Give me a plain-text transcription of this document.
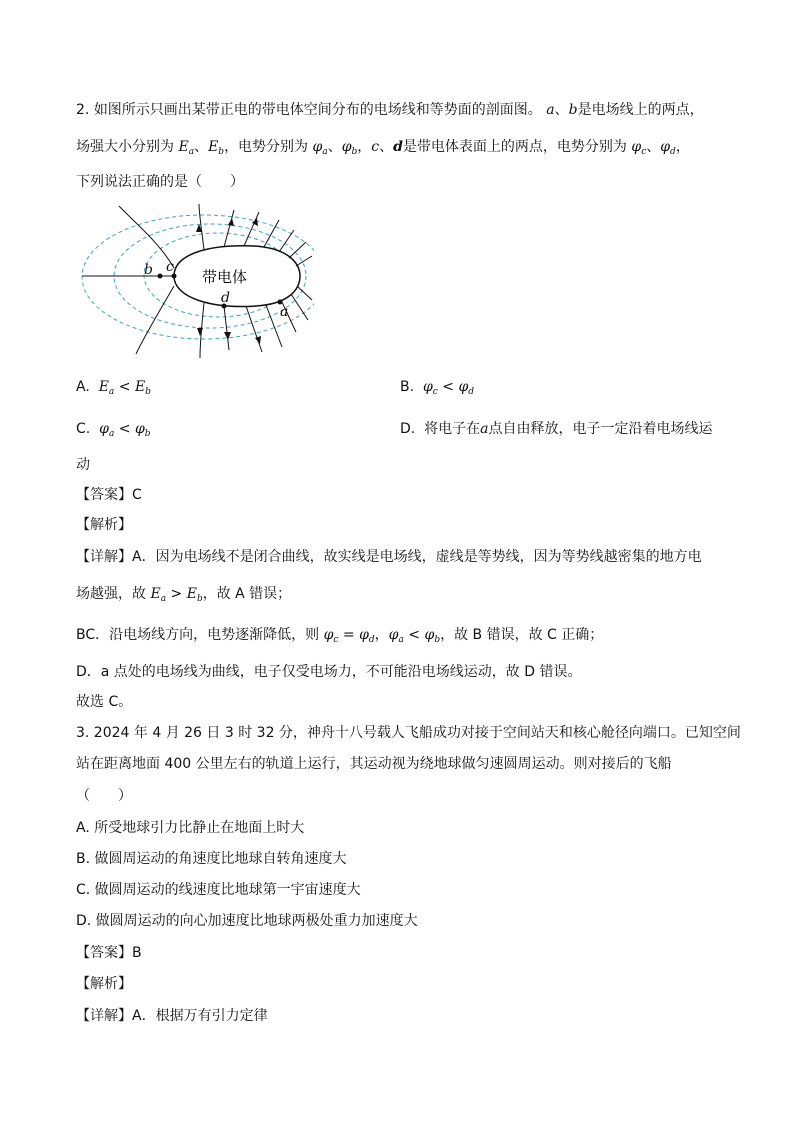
2. 如图所示只画出某带正电的带电体空间分布的电场线和等势面的剖面图。 a、b是电场线上的两点，
场强大小分别为 $E_a$、$E_b$，电势分别为 $\varphi_a$、$\varphi_b$，c、d是带电体表面上的两点，电势分别为 $\varphi_c$、$\varphi_d$，
下列说法正确的是（　　）
带电体
b c
d
a
A. $E_a < E_b$	B. $\varphi_c < \varphi_d$
C. $\varphi_a < \varphi_b$	D. 将电子在a点自由释放，电子一定沿着电场线运
动
【答案】C
【解析】
【详解】A．因为电场线不是闭合曲线，故实线是电场线，虚线是等势线，因为等势线越密集的地方电
场越强，故 $E_a > E_b$，故 A 错误；
BC．沿电场线方向，电势逐渐降低，则 $\varphi_c = \varphi_d$，$\varphi_a < \varphi_b$，故 B 错误，故 C 正确；
D．a 点处的电场线为曲线，电子仅受电场力，不可能沿电场线运动，故 D 错误。
故选 C。
3. 2024 年 4 月 26 日 3 时 32 分，神舟十八号载人飞船成功对接于空间站天和核心舱径向端口。已知空间
站在距离地面 400 公里左右的轨道上运行，其运动视为绕地球做匀速圆周运动。则对接后的飞船
（　　）
A. 所受地球引力比静止在地面上时大
B. 做圆周运动的角速度比地球自转角速度大
C. 做圆周运动的线速度比地球第一宇宙速度大
D. 做圆周运动的向心加速度比地球两极处重力加速度大
【答案】B
【解析】
【详解】A．根据万有引力定律
